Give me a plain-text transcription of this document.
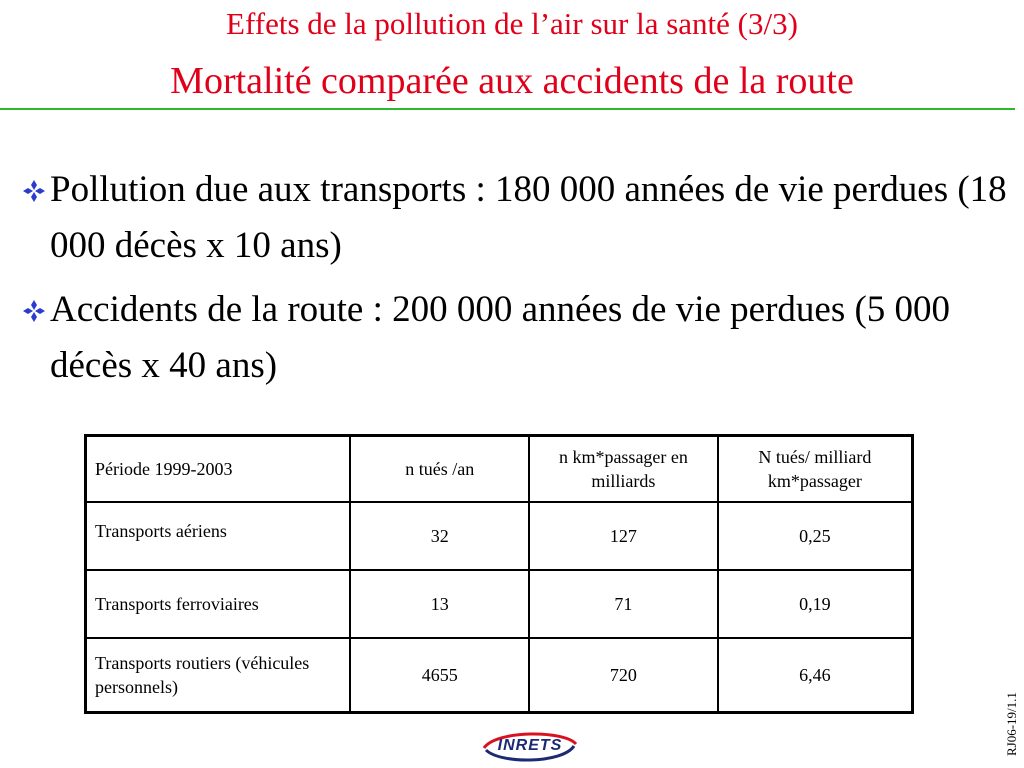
Effets de la pollution de l’air sur la santé (3/3)
Mortalité comparée aux accidents de la route
Pollution due aux transports : 180 000 années de vie perdues (18 000 décès x 10 ans)
Accidents de la route : 200 000 années de vie perdues (5 000 décès x 40 ans)
Période 1999-2003	n tués /an	n km*passager en milliards	N tués/ milliard km*passager
Transports aériens	32	127	0,25
Transports ferroviaires	13	71	0,19
Transports routiers (véhicules personnels)	4655	720	6,46
RJ06-19/1.1
INRETS
